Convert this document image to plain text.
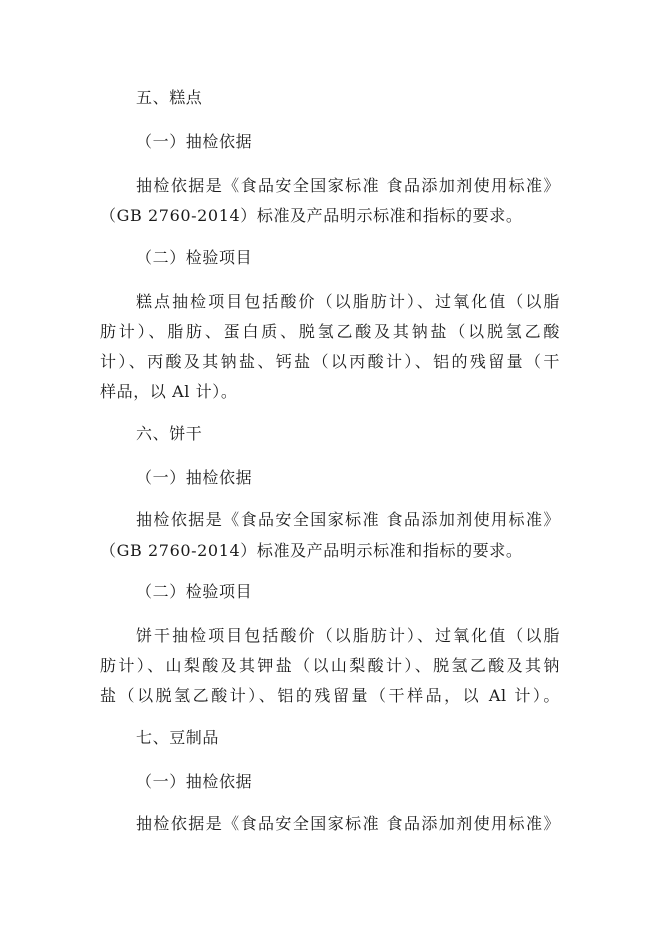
五、糕点
（一）抽检依据
抽检依据是《食品安全国家标准 食品添加剂使用标准》
（GB 2760-2014）标准及产品明示标准和指标的要求。
（二）检验项目
糕点抽检项目包括酸价（以脂肪计）、过氧化值（以脂
肪计）、脂肪、蛋白质、脱氢乙酸及其钠盐（以脱氢乙酸
计）、丙酸及其钠盐、钙盐（以丙酸计）、铝的残留量（干
样品，以 Al 计）。
六、饼干
（一）抽检依据
抽检依据是《食品安全国家标准 食品添加剂使用标准》
（GB 2760-2014）标准及产品明示标准和指标的要求。
（二）检验项目
饼干抽检项目包括酸价（以脂肪计）、过氧化值（以脂
肪计）、山梨酸及其钾盐（以山梨酸计）、脱氢乙酸及其钠
盐（以脱氢乙酸计）、铝的残留量（干样品，以 Al 计）。
七、豆制品
（一）抽检依据
抽检依据是《食品安全国家标准 食品添加剂使用标准》
